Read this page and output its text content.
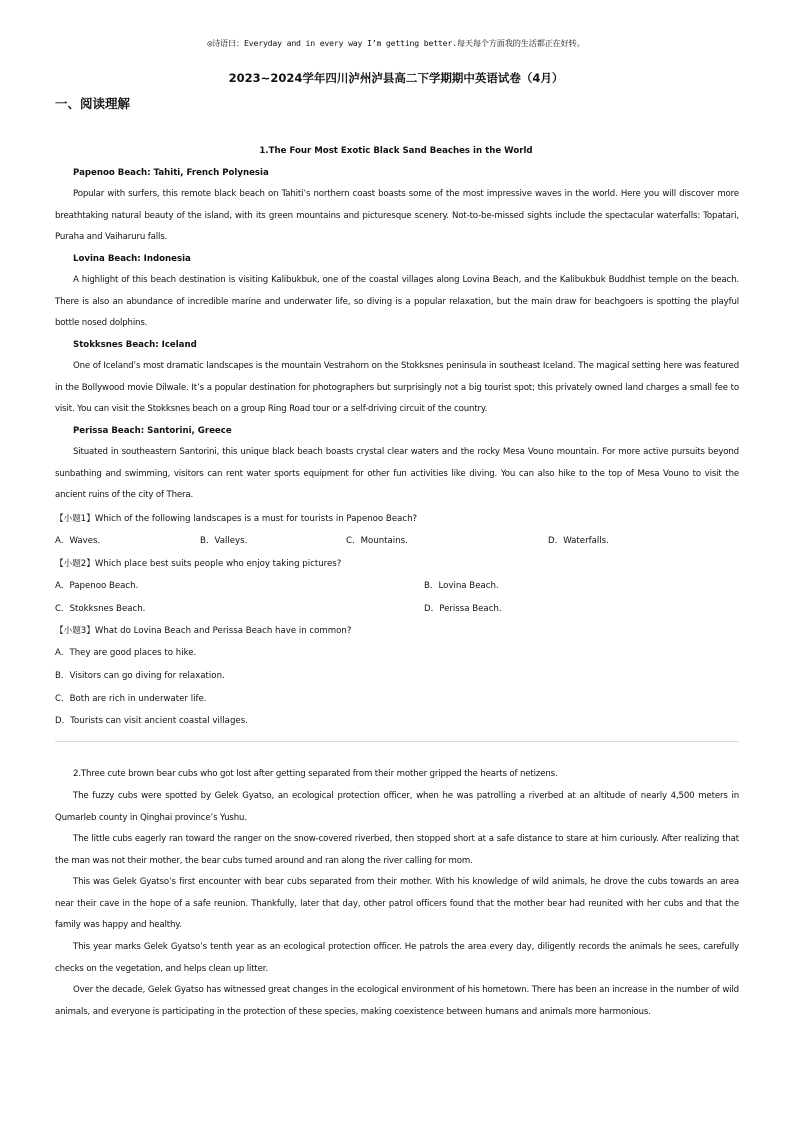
◎诗语曰：Everyday and in every way I’m getting better.每天每个方面我的生活都正在好转。
2023~2024学年四川泸州泸县高二下学期期中英语试卷（4月）
一、阅读理解
1.The Four Most Exotic Black Sand Beaches in the World
Papenoo Beach: Tahiti, French Polynesia

Popular with surfers, this remote black beach on Tahiti’s northern coast boasts some of the most impressive waves in the world. Here you will discover more breathtaking natural beauty of the island, with its green mountains and picturesque scenery. Not-to-be-missed sights include the spectacular waterfalls: Topatari, Puraha and Vaiharuru falls.

Lovina Beach: Indonesia

A highlight of this beach destination is visiting Kalibukbuk, one of the coastal villages along Lovina Beach, and the Kalibukbuk Buddhist temple on the beach. There is also an abundance of incredible marine and underwater life, so diving is a popular relaxation, but the main draw for beachgoers is spotting the playful bottle nosed dolphins.

Stokksnes Beach: Iceland

One of Iceland’s most dramatic landscapes is the mountain Vestrahorn on the Stokksnes peninsula in southeast Iceland. The magical setting here was featured in the Bollywood movie Dilwale. It’s a popular destination for photographers but surprisingly not a big tourist spot; this privately owned land charges a small fee to visit. You can visit the Stokksnes beach on a group Ring Road tour or a self-driving circuit of the country.

Perissa Beach: Santorini, Greece

Situated in southeastern Santorini, this unique black beach boasts crystal clear waters and the rocky Mesa Vouno mountain. For more active pursuits beyond sunbathing and swimming, visitors can rent water sports equipment for other fun activities like diving. You can also hike to the top of Mesa Vouno to visit the ancient ruins of the city of Thera.

【小题1】Which of the following landscapes is a must for tourists in Papenoo Beach?
A．Waves.	B．Valleys.	C．Mountains.	D．Waterfalls.
【小题2】Which place best suits people who enjoy taking pictures?
A．Papenoo Beach.	B．Lovina Beach.
C．Stokksnes Beach.	D．Perissa Beach.
【小题3】What do Lovina Beach and Perissa Beach have in common?
A．They are good places to hike.
B．Visitors can go diving for relaxation.
C．Both are rich in underwater life.
D．Tourists can visit ancient coastal villages.

2.Three cute brown bear cubs who got lost after getting separated from their mother gripped the hearts of netizens.

The fuzzy cubs were spotted by Gelek Gyatso, an ecological protection officer, when he was patrolling a riverbed at an altitude of nearly 4,500 meters in Qumarleb county in Qinghai province’s Yushu.

The little cubs eagerly ran toward the ranger on the snow-covered riverbed, then stopped short at a safe distance to stare at him curiously. After realizing that the man was not their mother, the bear cubs turned around and ran along the river calling for mom.

This was Gelek Gyatso’s first encounter with bear cubs separated from their mother. With his knowledge of wild animals, he drove the cubs towards an area near their cave in the hope of a safe reunion. Thankfully, later that day, other patrol officers found that the mother bear had reunited with her cubs and that the family was happy and healthy.

This year marks Gelek Gyatso’s tenth year as an ecological protection officer. He patrols the area every day, diligently records the animals he sees, carefully checks on the vegetation, and helps clean up litter.

Over the decade, Gelek Gyatso has witnessed great changes in the ecological environment of his hometown. There has been an increase in the number of wild animals, and everyone is participating in the protection of these species, making coexistence between humans and animals more harmonious.
